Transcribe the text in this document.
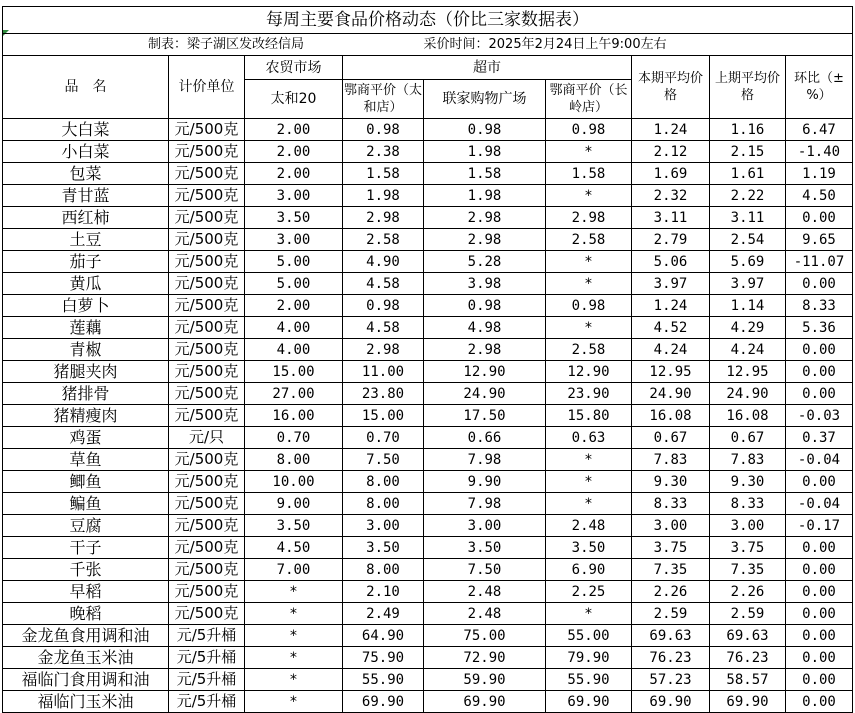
每周主要食品价格动态（价比三家数据表）								
制表：梁子湖区发改经信局				采价时间：2025年2月24日上午9:00左右				
品　名	计价单位	农贸市场	超市			本期平均价格	上期平均价格	环比（±%）
		太和20	鄂商平价（太和店）	联家购物广场	鄂商平价（长岭店）			
大白菜	元/500克	2.00	0.98	0.98	0.98	1.24	1.16	6.47
小白菜	元/500克	2.00	2.38	1.98	*	2.12	2.15	-1.40
包菜	元/500克	2.00	1.58	1.58	1.58	1.69	1.61	1.19
青甘蓝	元/500克	3.00	1.98	1.98	*	2.32	2.22	4.50
西红柿	元/500克	3.50	2.98	2.98	2.98	3.11	3.11	0.00
土豆	元/500克	3.00	2.58	2.98	2.58	2.79	2.54	9.65
茄子	元/500克	5.00	4.90	5.28	*	5.06	5.69	-11.07
黄瓜	元/500克	5.00	4.58	3.98	*	3.97	3.97	0.00
白萝卜	元/500克	2.00	0.98	0.98	0.98	1.24	1.14	8.33
莲藕	元/500克	4.00	4.58	4.98	*	4.52	4.29	5.36
青椒	元/500克	4.00	2.98	2.98	2.58	4.24	4.24	0.00
猪腿夹肉	元/500克	15.00	11.00	12.90	12.90	12.95	12.95	0.00
猪排骨	元/500克	27.00	23.80	24.90	23.90	24.90	24.90	0.00
猪精瘦肉	元/500克	16.00	15.00	17.50	15.80	16.08	16.08	-0.03
鸡蛋	元/只	0.70	0.70	0.66	0.63	0.67	0.67	0.37
草鱼	元/500克	8.00	7.50	7.98	*	7.83	7.83	-0.04
鲫鱼	元/500克	10.00	8.00	9.90	*	9.30	9.30	0.00
鳊鱼	元/500克	9.00	8.00	7.98	*	8.33	8.33	-0.04
豆腐	元/500克	3.50	3.00	3.00	2.48	3.00	3.00	-0.17
干子	元/500克	4.50	3.50	3.50	3.50	3.75	3.75	0.00
千张	元/500克	7.00	8.00	7.50	6.90	7.35	7.35	0.00
早稻	元/500克	*	2.10	2.48	2.25	2.26	2.26	0.00
晚稻	元/500克	*	2.49	2.48	*	2.59	2.59	0.00
金龙鱼食用调和油	元/5升桶	*	64.90	75.00	55.00	69.63	69.63	0.00
金龙鱼玉米油	元/5升桶	*	75.90	72.90	79.90	76.23	76.23	0.00
福临门食用调和油	元/5升桶	*	55.90	59.90	55.90	57.23	58.57	0.00
福临门玉米油	元/5升桶	*	69.90	69.90	69.90	69.90	69.90	0.00
